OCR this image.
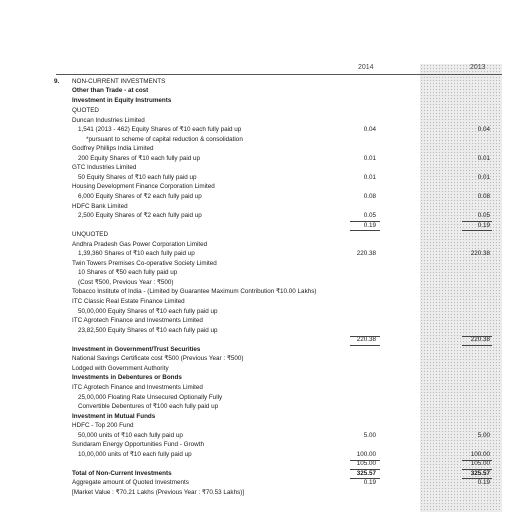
2014	2013
9. NON-CURRENT INVESTMENTS
Other than Trade - at cost
Investment in Equity Instruments
QUOTED
Duncan Industries Limited
1,541 (2013 - 462) Equity Shares of ₹10 each fully paid up	0.04	0.04
*pursuant to scheme of capital reduction & consolidation
Godfrey Phillips India Limited
200 Equity Shares of ₹10 each fully paid up	0.01	0.01
GTC Industries Limited
50 Equity Shares of ₹10 each fully paid up	0.01	0.01
Housing Development Finance Corporation Limited
6,000 Equity Shares of ₹2 each fully paid up	0.08	0.08
HDFC Bank Limited
2,500 Equity Shares of ₹2 each fully paid up	0.05	0.05
0.19	0.19
UNQUOTED
Andhra Pradesh Gas Power Corporation Limited
1,39,360 Shares of ₹10 each fully paid up	220.38	220.38
Twin Towers Premises Co-operative Society Limited
10 Shares of ₹50 each fully paid up
(Cost ₹500, Previous Year : ₹500)
Tobacco Institute of India - (Limited by Guarantee Maximum Contribution ₹10.00 Lakhs)
ITC Classic Real Estate Finance Limited
50,00,000 Equity Shares of ₹10 each fully paid up
ITC Agrotech Finance and Investments Limited
23,82,500 Equity Shares of ₹10 each fully paid up
220.38	220.38
Investment in Government/Trust Securities
National Savings Certificate cost ₹500 (Previous Year : ₹500)
Lodged with Government Authority
Investments in Debentures or Bonds
ITC Agrotech Finance and Investments Limited
25,00,000 Floating Rate Unsecured Optionally Fully
Convertible Debentures of ₹100 each fully paid up
Investment in Mutual Funds
HDFC - Top 200 Fund
50,000 units of ₹10 each fully paid up	5.00	5.00
Sundaram Energy Opportunities Fund - Growth
10,00,000 units of ₹10 each fully paid up	100.00	100.00
105.00	105.00
Total of Non-Current Investments	325.57	325.57
Aggregate amount of Quoted Investments	0.19	0.19
[Market Value : ₹70.21 Lakhs (Previous Year : ₹70.53 Lakhs)]
